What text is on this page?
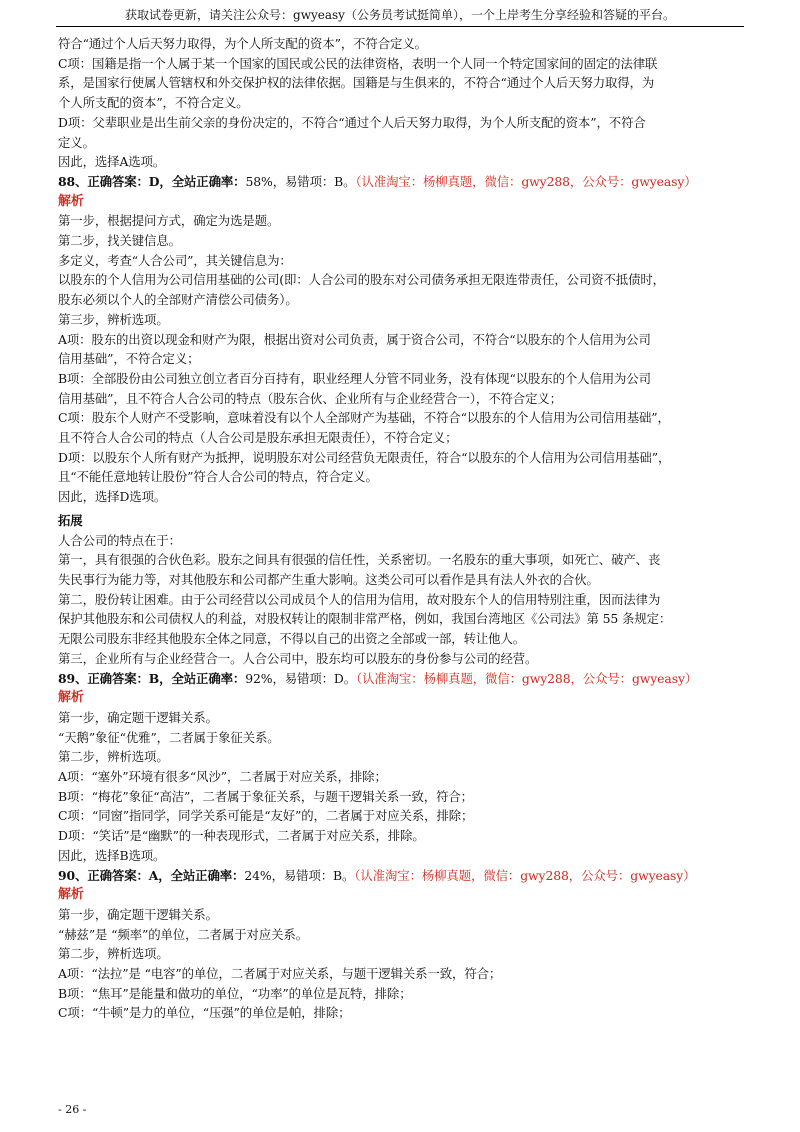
获取试卷更新，请关注公众号：gwyeasy（公务员考试挺简单），一个上岸考生分享经验和答疑的平台。
符合“通过个人后天努力取得，为个人所支配的资本”，不符合定义。
C项：国籍是指一个人属于某一个国家的国民或公民的法律资格，表明一个人同一个特定国家间的固定的法律联
系，是国家行使属人管辖权和外交保护权的法律依据。国籍是与生俱来的，不符合“通过个人后天努力取得，为
个人所支配的资本”，不符合定义。
D项：父辈职业是出生前父亲的身份决定的，不符合“通过个人后天努力取得，为个人所支配的资本”，不符合
定义。
因此，选择A选项。
88、正确答案：D，全站正确率：58%，易错项：B。（认准淘宝：杨柳真题，微信：gwy288，公众号：gwyeasy）
解析
第一步，根据提问方式，确定为选是题。
第二步，找关键信息。
多定义，考查“人合公司”，其关键信息为：
以股东的个人信用为公司信用基础的公司(即：人合公司的股东对公司债务承担无限连带责任，公司资不抵债时，
股东必须以个人的全部财产清偿公司债务）。
第三步，辨析选项。
A项：股东的出资以现金和财产为限，根据出资对公司负责，属于资合公司，不符合“以股东的个人信用为公司
信用基础”，不符合定义；
B项：全部股份由公司独立创立者百分百持有，职业经理人分管不同业务，没有体现“以股东的个人信用为公司
信用基础”，且不符合人合公司的特点（股东合伙、企业所有与企业经营合一），不符合定义；
C项：股东个人财产不受影响，意味着没有以个人全部财产为基础，不符合“以股东的个人信用为公司信用基础”，
且不符合人合公司的特点（人合公司是股东承担无限责任），不符合定义；
D项：以股东个人所有财产为抵押，说明股东对公司经营负无限责任，符合“以股东的个人信用为公司信用基础”，
且“不能任意地转让股份”符合人合公司的特点，符合定义。
因此，选择D选项。
拓展
人合公司的特点在于：
第一，具有很强的合伙色彩。股东之间具有很强的信任性，关系密切。一名股东的重大事项，如死亡、破产、丧
失民事行为能力等，对其他股东和公司都产生重大影响。这类公司可以看作是具有法人外衣的合伙。
第二，股份转让困难。由于公司经营以公司成员个人的信用为信用，故对股东个人的信用特别注重，因而法律为
保护其他股东和公司债权人的利益，对股权转让的限制非常严格，例如，我国台湾地区《公司法》第 55 条规定：
无限公司股东非经其他股东全体之同意，不得以自己的出资之全部或一部，转让他人。
第三，企业所有与企业经营合一。人合公司中，股东均可以股东的身份参与公司的经营。
89、正确答案：B，全站正确率：92%，易错项：D。（认准淘宝：杨柳真题，微信：gwy288，公众号：gwyeasy）
解析
第一步，确定题干逻辑关系。
“天鹅”象征“优雅”，二者属于象征关系。
第二步，辨析选项。
A项：“塞外”环境有很多“风沙”，二者属于对应关系，排除；
B项：“梅花”象征“高洁”，二者属于象征关系，与题干逻辑关系一致，符合；
C项：“同窗”指同学，同学关系可能是“友好”的，二者属于对应关系，排除；
D项：“笑话”是“幽默”的一种表现形式，二者属于对应关系，排除。
因此，选择B选项。
90、正确答案：A，全站正确率：24%，易错项：B。（认准淘宝：杨柳真题，微信：gwy288，公众号：gwyeasy）
解析
第一步，确定题干逻辑关系。
“赫兹”是 “频率”的单位，二者属于对应关系。
第二步，辨析选项。
A项：“法拉”是 “电容”的单位，二者属于对应关系，与题干逻辑关系一致，符合；
B项：“焦耳”是能量和做功的单位，“功率”的单位是瓦特，排除；
C项：“牛顿”是力的单位，“压强”的单位是帕，排除；
- 26 -
